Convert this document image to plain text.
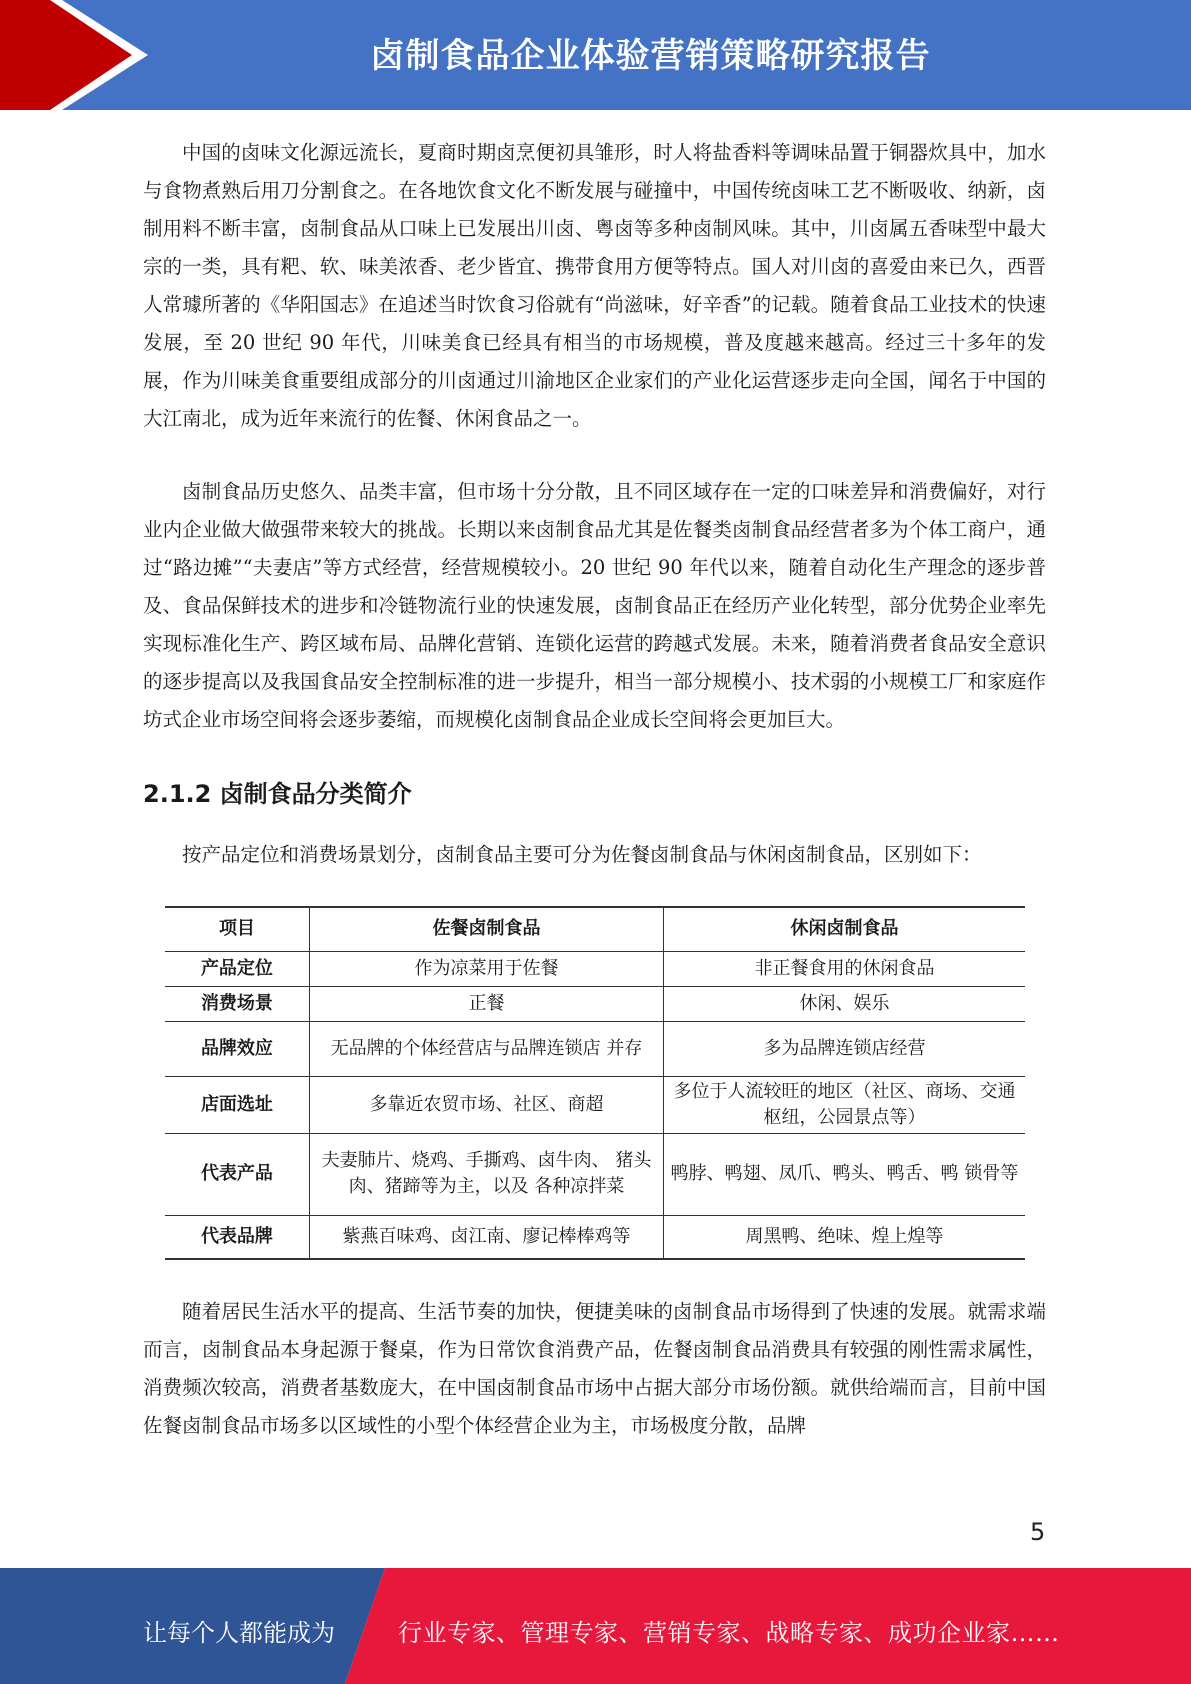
卤制食品企业体验营销策略研究报告

中国的卤味文化源远流长，夏商时期卤烹便初具雏形，时人将盐香料等调味品置于铜器炊具中，加水与食物煮熟后用刀分割食之。在各地饮食文化不断发展与碰撞中，中国传统卤味工艺不断吸收、纳新，卤制用料不断丰富，卤制食品从口味上已发展出川卤、粤卤等多种卤制风味。其中，川卤属五香味型中最大宗的一类，具有粑、软、味美浓香、老少皆宜、携带食用方便等特点。国人对川卤的喜爱由来已久，西晋人常璩所著的《华阳国志》在追述当时饮食习俗就有“尚滋味，好辛香”的记载。随着食品工业技术的快速发展，至 20 世纪 90 年代，川味美食已经具有相当的市场规模，普及度越来越高。经过三十多年的发展，作为川味美食重要组成部分的川卤通过川渝地区企业家们的产业化运营逐步走向全国，闻名于中国的大江南北，成为近年来流行的佐餐、休闲食品之一。

卤制食品历史悠久、品类丰富，但市场十分分散，且不同区域存在一定的口味差异和消费偏好，对行业内企业做大做强带来较大的挑战。长期以来卤制食品尤其是佐餐类卤制食品经营者多为个体工商户，通过“路边摊”“夫妻店”等方式经营，经营规模较小。20 世纪 90 年代以来，随着自动化生产理念的逐步普及、食品保鲜技术的进步和冷链物流行业的快速发展，卤制食品正在经历产业化转型，部分优势企业率先实现标准化生产、跨区域布局、品牌化营销、连锁化运营的跨越式发展。未来，随着消费者食品安全意识的逐步提高以及我国食品安全控制标准的进一步提升，相当一部分规模小、技术弱的小规模工厂和家庭作坊式企业市场空间将会逐步萎缩，而规模化卤制食品企业成长空间将会更加巨大。

2.1.2 卤制食品分类简介

按产品定位和消费场景划分，卤制食品主要可分为佐餐卤制食品与休闲卤制食品，区别如下：

项目	佐餐卤制食品	休闲卤制食品
产品定位	作为凉菜用于佐餐	非正餐食用的休闲食品
消费场景	正餐	休闲、娱乐
品牌效应	无品牌的个体经营店与品牌连锁店 并存	多为品牌连锁店经营
店面选址	多靠近农贸市场、社区、商超	多位于人流较旺的地区（社区、商场、交通枢纽，公园景点等）
代表产品	夫妻肺片、烧鸡、手撕鸡、卤牛肉、 猪头肉、猪蹄等为主，以及 各种凉拌菜	鸭脖、鸭翅、凤爪、鸭头、鸭舌、鸭 锁骨等
代表品牌	紫燕百味鸡、卤江南、廖记棒棒鸡等	周黑鸭、绝味、煌上煌等

随着居民生活水平的提高、生活节奏的加快，便捷美味的卤制食品市场得到了快速的发展。就需求端而言，卤制食品本身起源于餐桌，作为日常饮食消费产品，佐餐卤制食品消费具有较强的刚性需求属性，消费频次较高，消费者基数庞大，在中国卤制食品市场中占据大部分市场份额。就供给端而言，目前中国佐餐卤制食品市场多以区域性的小型个体经营企业为主，市场极度分散，品牌

5
让每个人都能成为	行业专家、管理专家、营销专家、战略专家、成功企业家……
